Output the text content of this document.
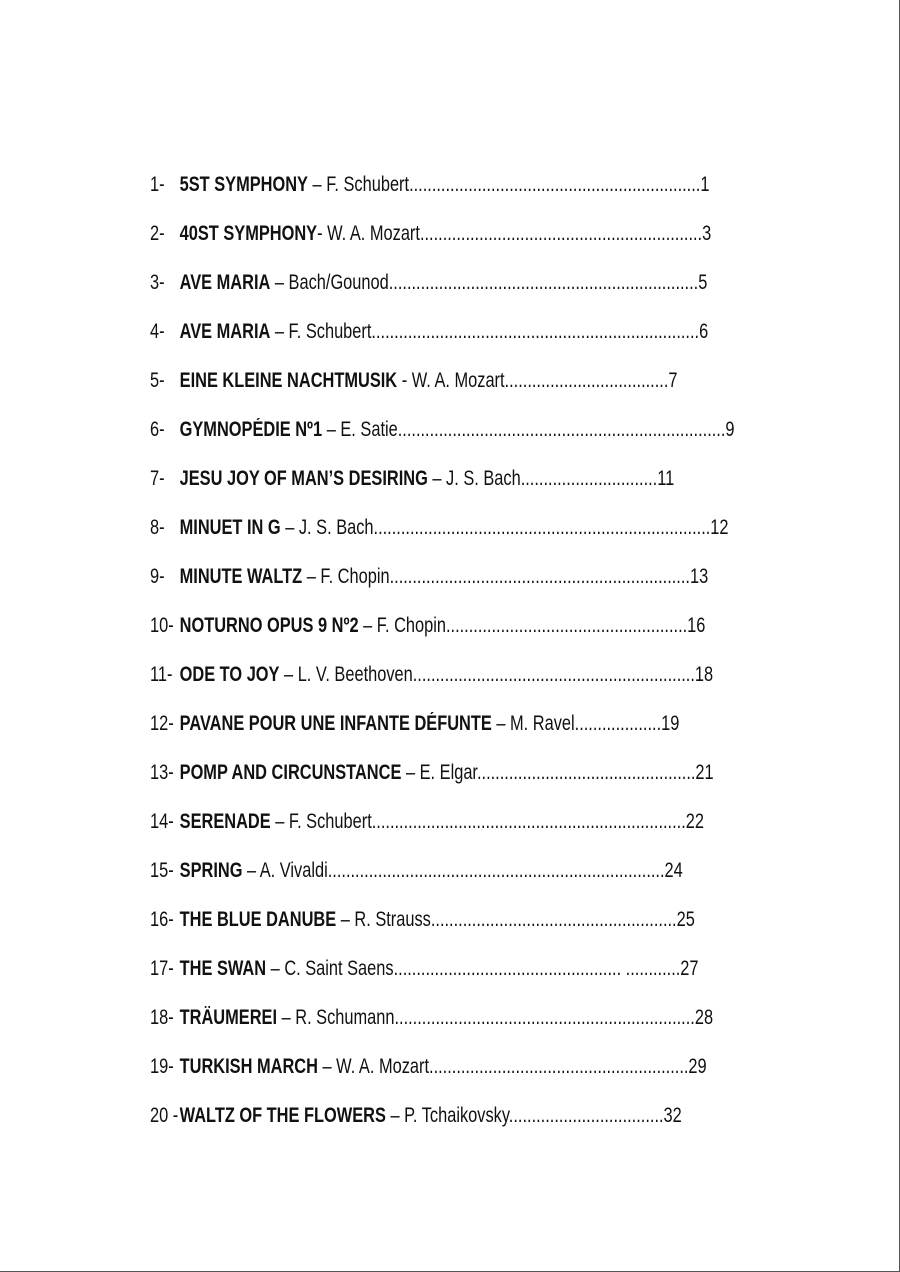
1- 5ST SYMPHONY – F. Schubert................................................................1
2- 40ST SYMPHONY- W. A. Mozart..............................................................3
3- AVE MARIA – Bach/Gounod....................................................................5
4- AVE MARIA – F. Schubert........................................................................6
5- EINE KLEINE NACHTMUSIK - W. A. Mozart....................................7
6- GYMNOPÉDIE Nº1 – E. Satie........................................................................9
7- JESU JOY OF MAN’S DESIRING – J. S. Bach..............................11
8- MINUET IN G – J. S. Bach..........................................................................12
9- MINUTE WALTZ – F. Chopin..................................................................13
10- NOTURNO OPUS 9 Nº2 – F. Chopin.....................................................16
11- ODE TO JOY – L. V. Beethoven..............................................................18
12- PAVANE POUR UNE INFANTE DÉFUNTE – M. Ravel...................19
13- POMP AND CIRCUNSTANCE – E. Elgar................................................21
14- SERENADE – F. Schubert.....................................................................22
15- SPRING – A. Vivaldi..........................................................................24
16- THE BLUE DANUBE – R. Strauss......................................................25
17- THE SWAN – C. Saint Saens.................................................. ............27
18- TRÄUMEREI – R. Schumann..................................................................28
19- TURKISH MARCH – W. A. Mozart.........................................................29
20 -WALTZ OF THE FLOWERS – P. Tchaikovsky..................................32
